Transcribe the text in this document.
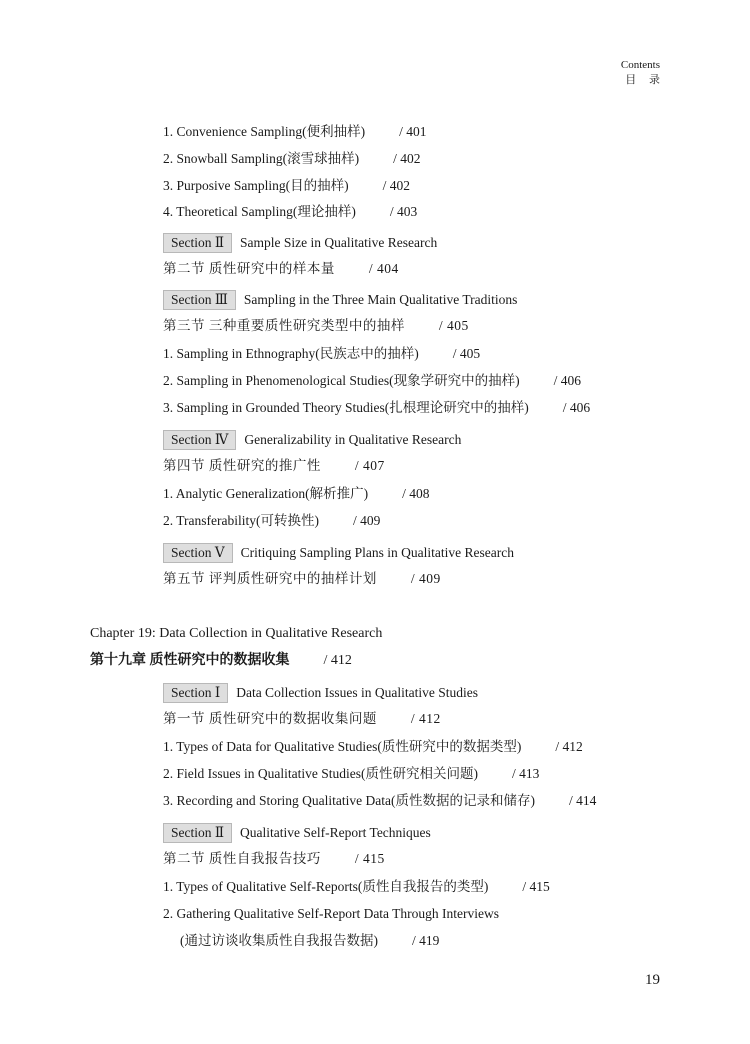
Contents
目 录
1. Convenience Sampling(便利抽样)	/ 401
2. Snowball Sampling(滚雪球抽样)	/ 402
3. Purposive Sampling(目的抽样)	/ 402
4. Theoretical Sampling(理论抽样)	/ 403
Section Ⅱ Sample Size in Qualitative Research
第二节 质性研究中的样本量	/ 404
Section Ⅲ Sampling in the Three Main Qualitative Traditions
第三节 三种重要质性研究类型中的抽样	/ 405
1. Sampling in Ethnography(民族志中的抽样)	/ 405
2. Sampling in Phenomenological Studies(现象学研究中的抽样)	/ 406
3. Sampling in Grounded Theory Studies(扎根理论研究中的抽样)	/ 406
Section Ⅳ Generalizability in Qualitative Research
第四节 质性研究的推广性	/ 407
1. Analytic Generalization(解析推广)	/ 408
2. Transferability(可转换性)	/ 409
Section Ⅴ Critiquing Sampling Plans in Qualitative Research
第五节 评判质性研究中的抽样计划	/ 409
Chapter 19: Data Collection in Qualitative Research
第十九章 质性研究中的数据收集 / 412
Section Ⅰ Data Collection Issues in Qualitative Studies
第一节 质性研究中的数据收集问题	/ 412
1. Types of Data for Qualitative Studies(质性研究中的数据类型)	/ 412
2. Field Issues in Qualitative Studies(质性研究相关问题)	/ 413
3. Recording and Storing Qualitative Data(质性数据的记录和储存)	/ 414
Section Ⅱ Qualitative Self-Report Techniques
第二节 质性自我报告技巧	/ 415
1. Types of Qualitative Self-Reports(质性自我报告的类型)	/ 415
2. Gathering Qualitative Self-Report Data Through Interviews
(通过访谈收集质性自我报告数据)	/ 419
19
